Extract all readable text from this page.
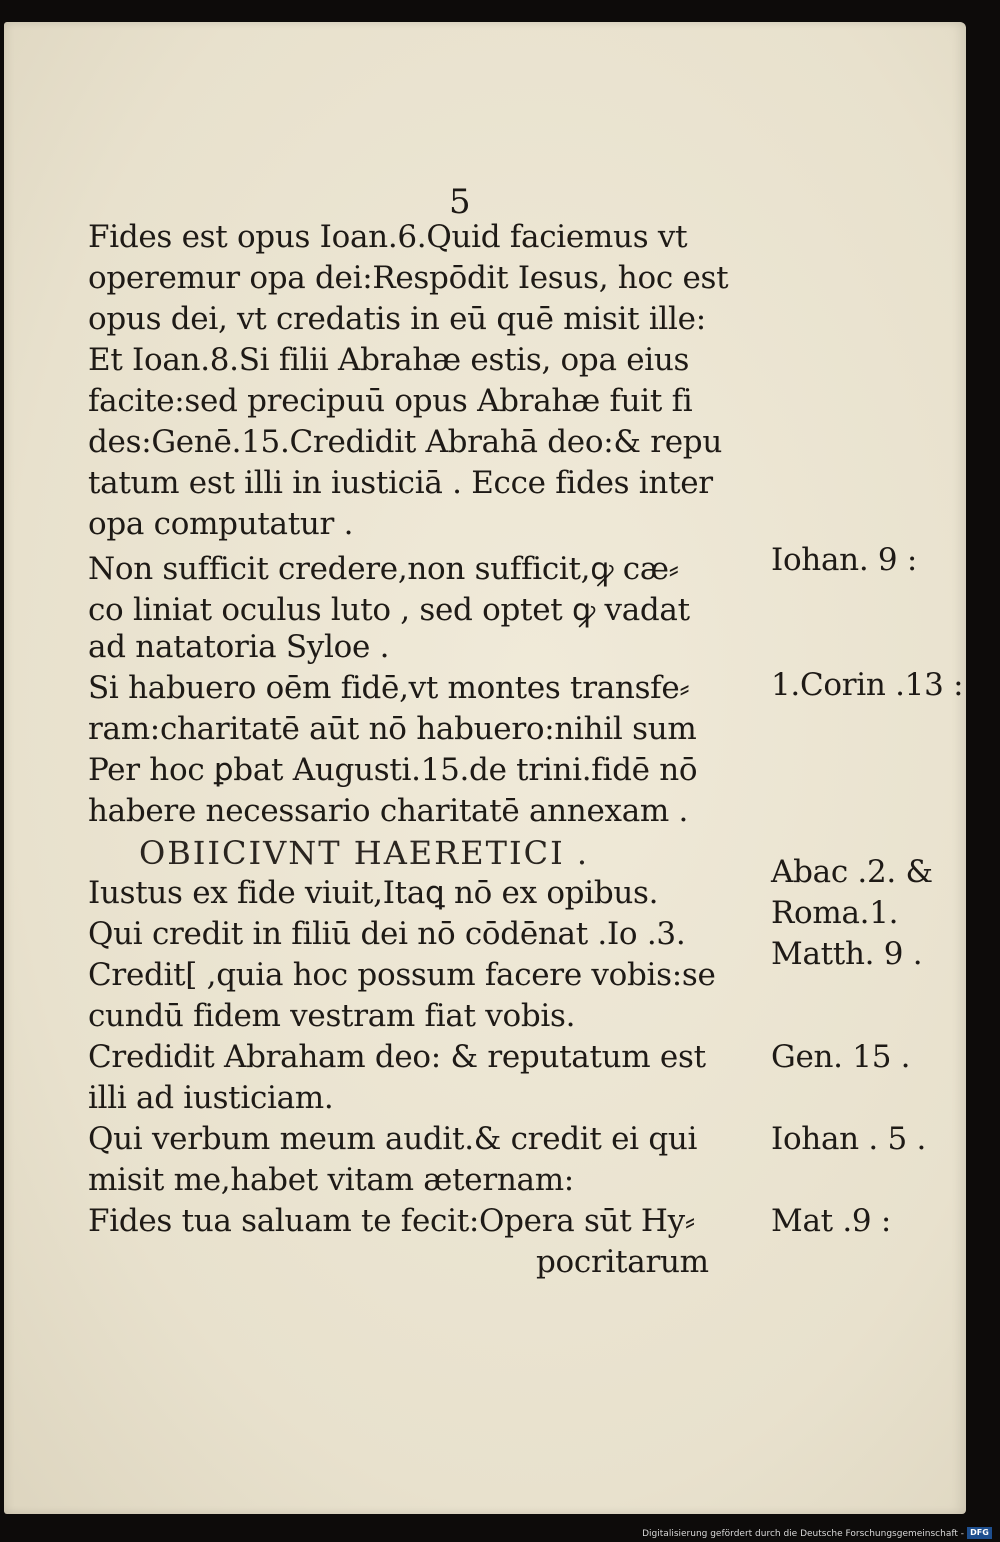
5
Fides est opus Ioan.6.Quid faciemus vt
operemur opa dei:Respōdit Iesus, hoc est
opus dei, vt credatis in eū quē misit ille:
Et Ioan.8.Si filii Abrahæ estis, opa eius
facite:sed precipuū opus Abrahæ fuit fi
des:Genē.15.Credidit Abrahā deo:& repu
tatum est illi in iusticiā . Ecce fides inter
opa computatur .
Non sufficit credere,non sufficit,ꝙ cæ⸗
co liniat oculus luto , sed optet ꝙ vadat
ad natatoria Syloe .
Si habuero oēm fidē,vt montes transfe⸗
ram:charitatē aūt nō habuero:nihil sum
Per hoc ꝑbat Augusti.15.de trini.fidē nō
habere necessario charitatē annexam .
OBIICIVNT HAERETICI .
Iustus ex fide viuit,Itaꝗ nō ex opibus.
Qui credit in filiū dei nō cōdēnat .Io .3.
Credit[ ,quia hoc possum facere vobis:se
cundū fidem vestram fiat vobis.
Credidit Abraham deo: & reputatum est
illi ad iusticiam.
Qui verbum meum audit.& credit ei qui
misit me,habet vitam æternam:
Fides tua saluam te fecit:Opera sūt Hy⸗
pocritarum
Iohan. 9 :
1.Corin .13 :
Abac .2. &
Roma.1.
Matth. 9 .
Gen. 15 .
Iohan . 5 .
Mat .9 :
Digitalisierung gefördert durch die Deutsche Forschungsgemeinschaft - DFG
